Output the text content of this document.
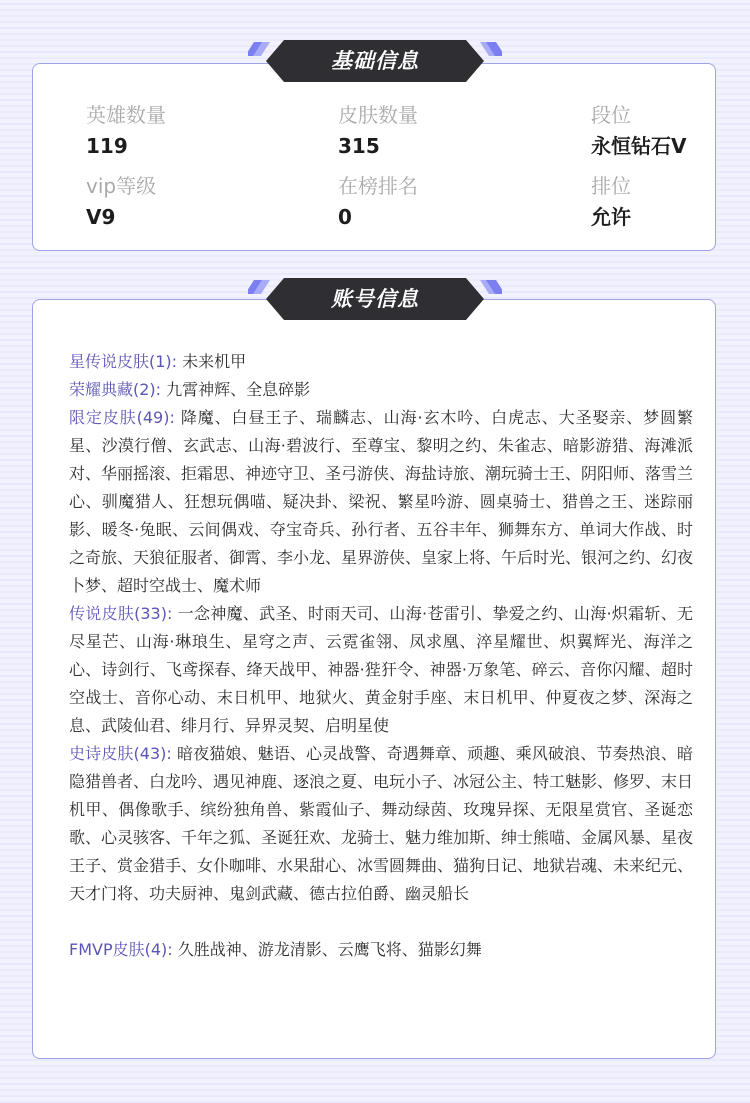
英雄数量
119
皮肤数量
315
段位
永恒钻石V
vip等级
V9
在榜排名
0
排位
允许
基础信息
星传说皮肤(1): 未来机甲
荣耀典藏(2): 九霄神辉、全息碎影
限定皮肤(49): 降魔、白昼王子、瑞麟志、山海·玄木吟、白虎志、大圣娶亲、梦圆繁星、沙漠行僧、玄武志、山海·碧波行、至尊宝、黎明之约、朱雀志、暗影游猎、海滩派对、华丽摇滚、拒霜思、神迹守卫、圣弓游侠、海盐诗旅、潮玩骑士王、阴阳师、落雪兰心、驯魔猎人、狂想玩偶喵、疑决卦、梁祝、繁星吟游、圆桌骑士、猎兽之王、迷踪丽影、暖冬·兔眠、云间偶戏、夺宝奇兵、孙行者、五谷丰年、狮舞东方、单词大作战、时之奇旅、天狼征服者、御霄、李小龙、星界游侠、皇家上将、午后时光、银河之约、幻夜卜梦、超时空战士、魔术师
传说皮肤(33): 一念神魔、武圣、时雨天司、山海·苍雷引、挚爱之约、山海·炽霜斩、无尽星芒、山海·琳琅生、星穹之声、云霓雀翎、凤求凰、淬星耀世、炽翼辉光、海洋之心、诗剑行、飞鸢探春、绛天战甲、神器·狴犴令、神器·万象笔、碎云、音你闪耀、超时空战士、音你心动、末日机甲、地狱火、黄金射手座、末日机甲、仲夏夜之梦、深海之息、武陵仙君、绯月行、异界灵契、启明星使
史诗皮肤(43): 暗夜猫娘、魅语、心灵战警、奇遇舞章、顽趣、乘风破浪、节奏热浪、暗隐猎兽者、白龙吟、遇见神鹿、逐浪之夏、电玩小子、冰冠公主、特工魅影、修罗、末日机甲、偶像歌手、缤纷独角兽、紫霞仙子、舞动绿茵、玫瑰异探、无限星赏官、圣诞恋歌、心灵骇客、千年之狐、圣诞狂欢、龙骑士、魅力维加斯、绅士熊喵、金属风暴、星夜王子、赏金猎手、女仆咖啡、水果甜心、冰雪圆舞曲、猫狗日记、地狱岩魂、未来纪元、天才门将、功夫厨神、鬼剑武藏、德古拉伯爵、幽灵船长
FMVP皮肤(4): 久胜战神、游龙清影、云鹰飞将、猫影幻舞
账号信息
